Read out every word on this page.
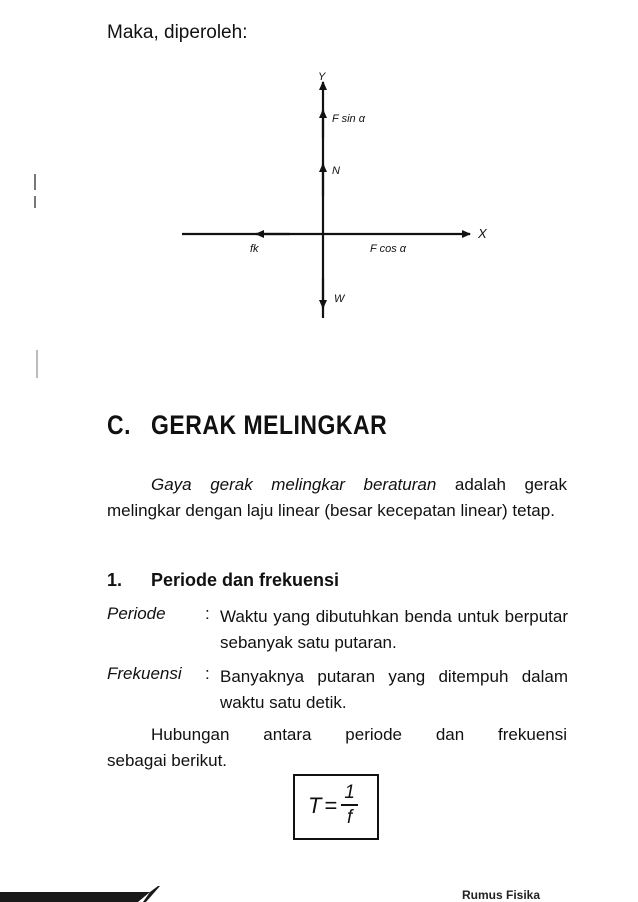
Maka, diperoleh:
Y
X
F sin α
N
fk	F cos α
W
C. GERAK MELINGKAR
Gaya gerak melingkar beraturan adalah gerak melingkar dengan laju linear (besar kecepatan linear) tetap.
1. Periode dan frekuensi
Periode : Waktu yang dibutuhkan benda untuk berputar sebanyak satu putaran.
Frekuensi : Banyaknya putaran yang ditempuh dalam waktu satu detik.
Hubungan antara periode dan frekuensi
sebagai berikut.
$T = \frac{1}{f}$
Rumus Fisika
